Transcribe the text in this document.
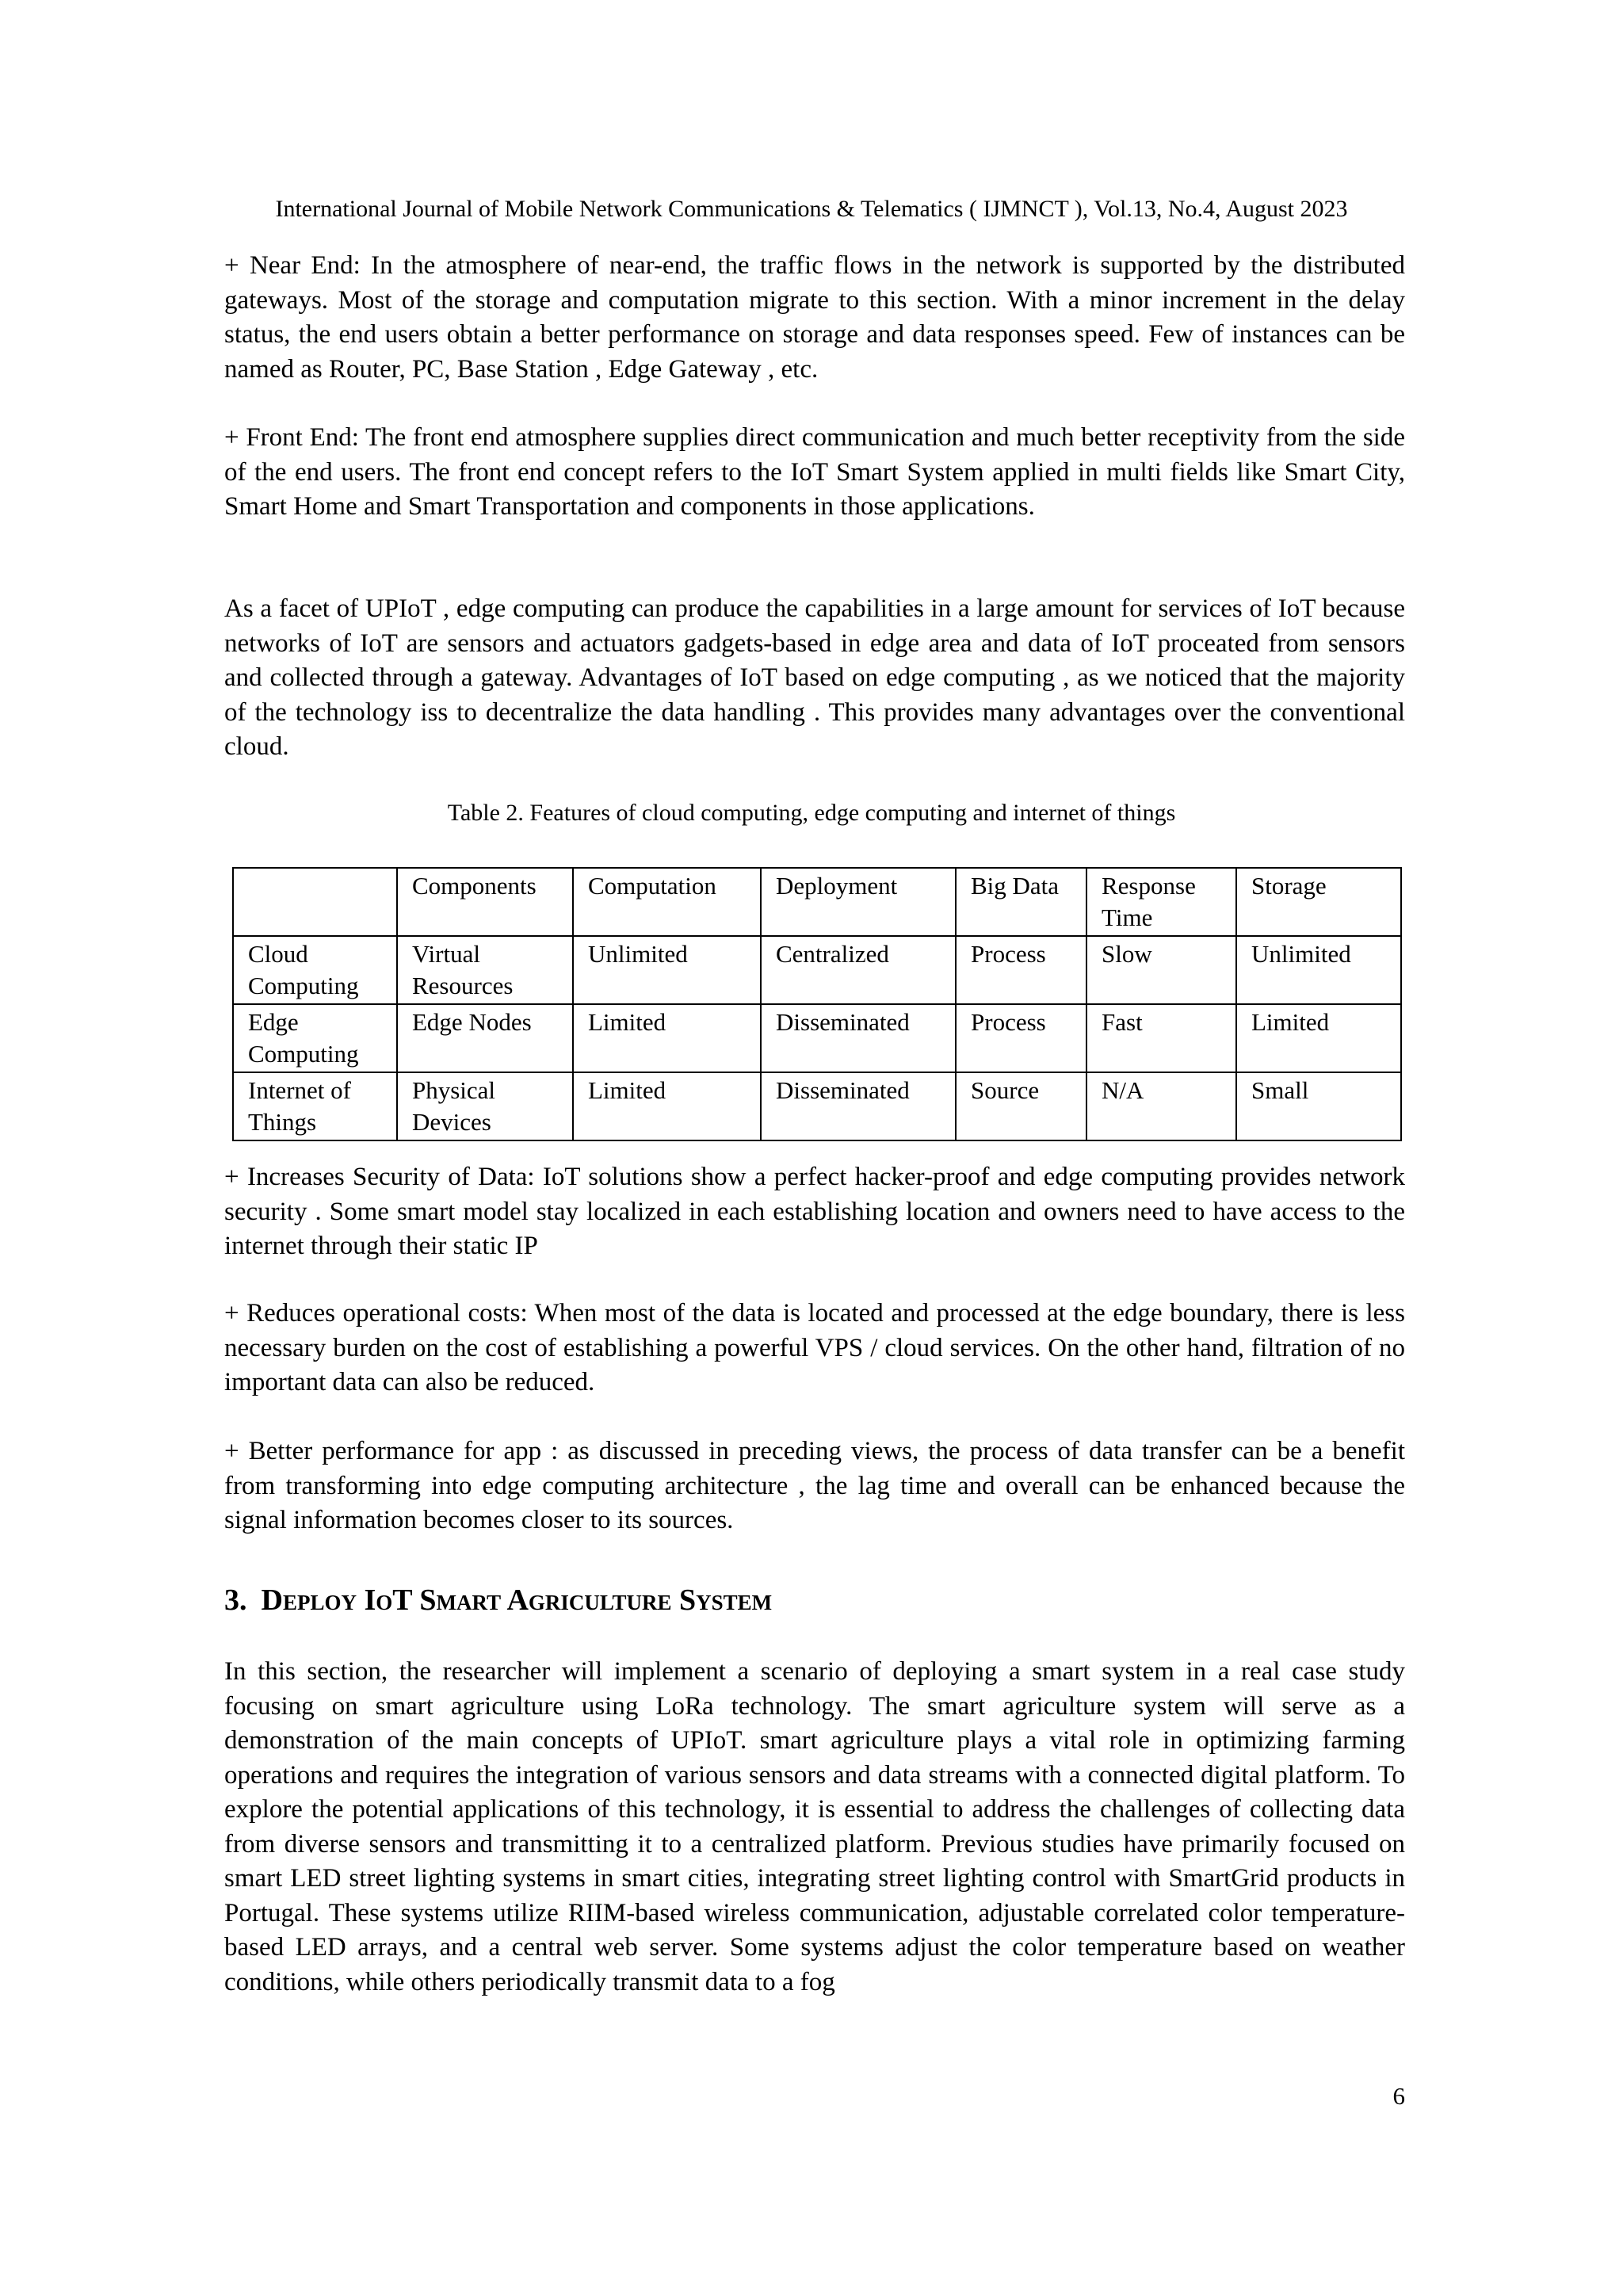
International Journal of Mobile Network Communications & Telematics ( IJMNCT ), Vol.13, No.4, August 2023

+ Near End: In the atmosphere of near-end, the traffic flows in the network is supported by the distributed gateways. Most of the storage and computation migrate to this section. With a minor increment in the delay status, the end users obtain a better performance on storage and data responses speed. Few of instances can be named as Router, PC, Base Station , Edge Gateway , etc.

+ Front End: The front end atmosphere supplies direct communication and much better receptivity from the side of the end users. The front end concept refers to the IoT Smart System applied in multi fields like Smart City, Smart Home and Smart Transportation and components in those applications.

As a facet of UPIoT , edge computing can produce the capabilities in a large amount for services of IoT because networks of IoT are sensors and actuators gadgets-based in edge area and data of IoT proceated from sensors and collected through a gateway. Advantages of IoT based on edge computing , as we noticed that the majority of the technology iss to decentralize the data handling . This provides many advantages over the conventional cloud.

Table 2. Features of cloud computing, edge computing and internet of things
	Components	Computation	Deployment	Big Data	Response Time	Storage
Cloud Computing	Virtual Resources	Unlimited	Centralized	Process	Slow	Unlimited
Edge Computing	Edge Nodes	Limited	Disseminated	Process	Fast	Limited
Internet of Things	Physical Devices	Limited	Disseminated	Source	N/A	Small

+ Increases Security of Data: IoT solutions show a perfect hacker-proof and edge computing provides network security . Some smart model stay localized in each establishing location and owners need to have access to the internet through their static IP

+ Reduces operational costs: When most of the data is located and processed at the edge boundary, there is less necessary burden on the cost of establishing a powerful VPS / cloud services. On the other hand, filtration of no important data can also be reduced.

+ Better performance for app : as discussed in preceding views, the process of data transfer can be a benefit from transforming into edge computing architecture , the lag time and overall can be enhanced because the signal information becomes closer to its sources.

3. Deploy IoT Smart Agriculture System

In this section, the researcher will implement a scenario of deploying a smart system in a real case study focusing on smart agriculture using LoRa technology. The smart agriculture system will serve as a demonstration of the main concepts of UPIoT. smart agriculture plays a vital role in optimizing farming operations and requires the integration of various sensors and data streams with a connected digital platform. To explore the potential applications of this technology, it is essential to address the challenges of collecting data from diverse sensors and transmitting it to a centralized platform. Previous studies have primarily focused on smart LED street lighting systems in smart cities, integrating street lighting control with SmartGrid products in Portugal. These systems utilize RIIM-based wireless communication, adjustable correlated color temperature-based LED arrays, and a central web server. Some systems adjust the color temperature based on weather conditions, while others periodically transmit data to a fog

6
